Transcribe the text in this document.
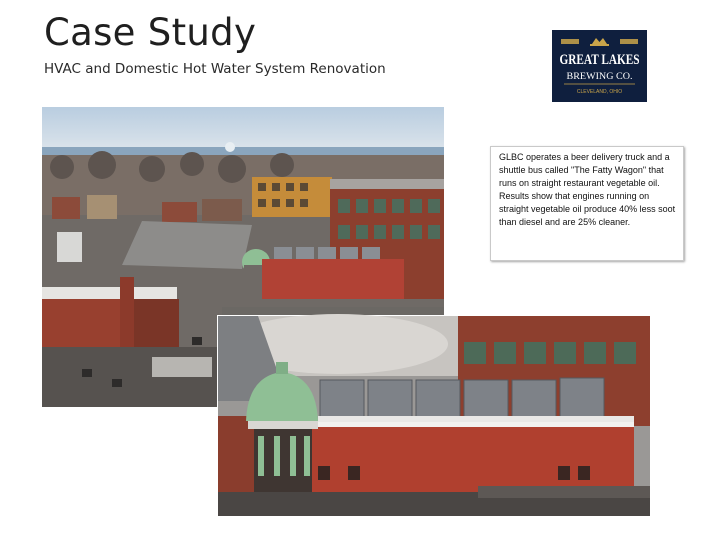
Case Study
HVAC and Domestic Hot Water System Renovation
GREAT LAKES
BREWING CO.
CLEVELAND, OHIO
GLBC operates a beer delivery truck and a shuttle bus called "The Fatty Wagon" that runs on straight restaurant vegetable oil. Results show that engines running on straight vegetable oil produce 40% less soot than diesel and are 25% cleaner.
